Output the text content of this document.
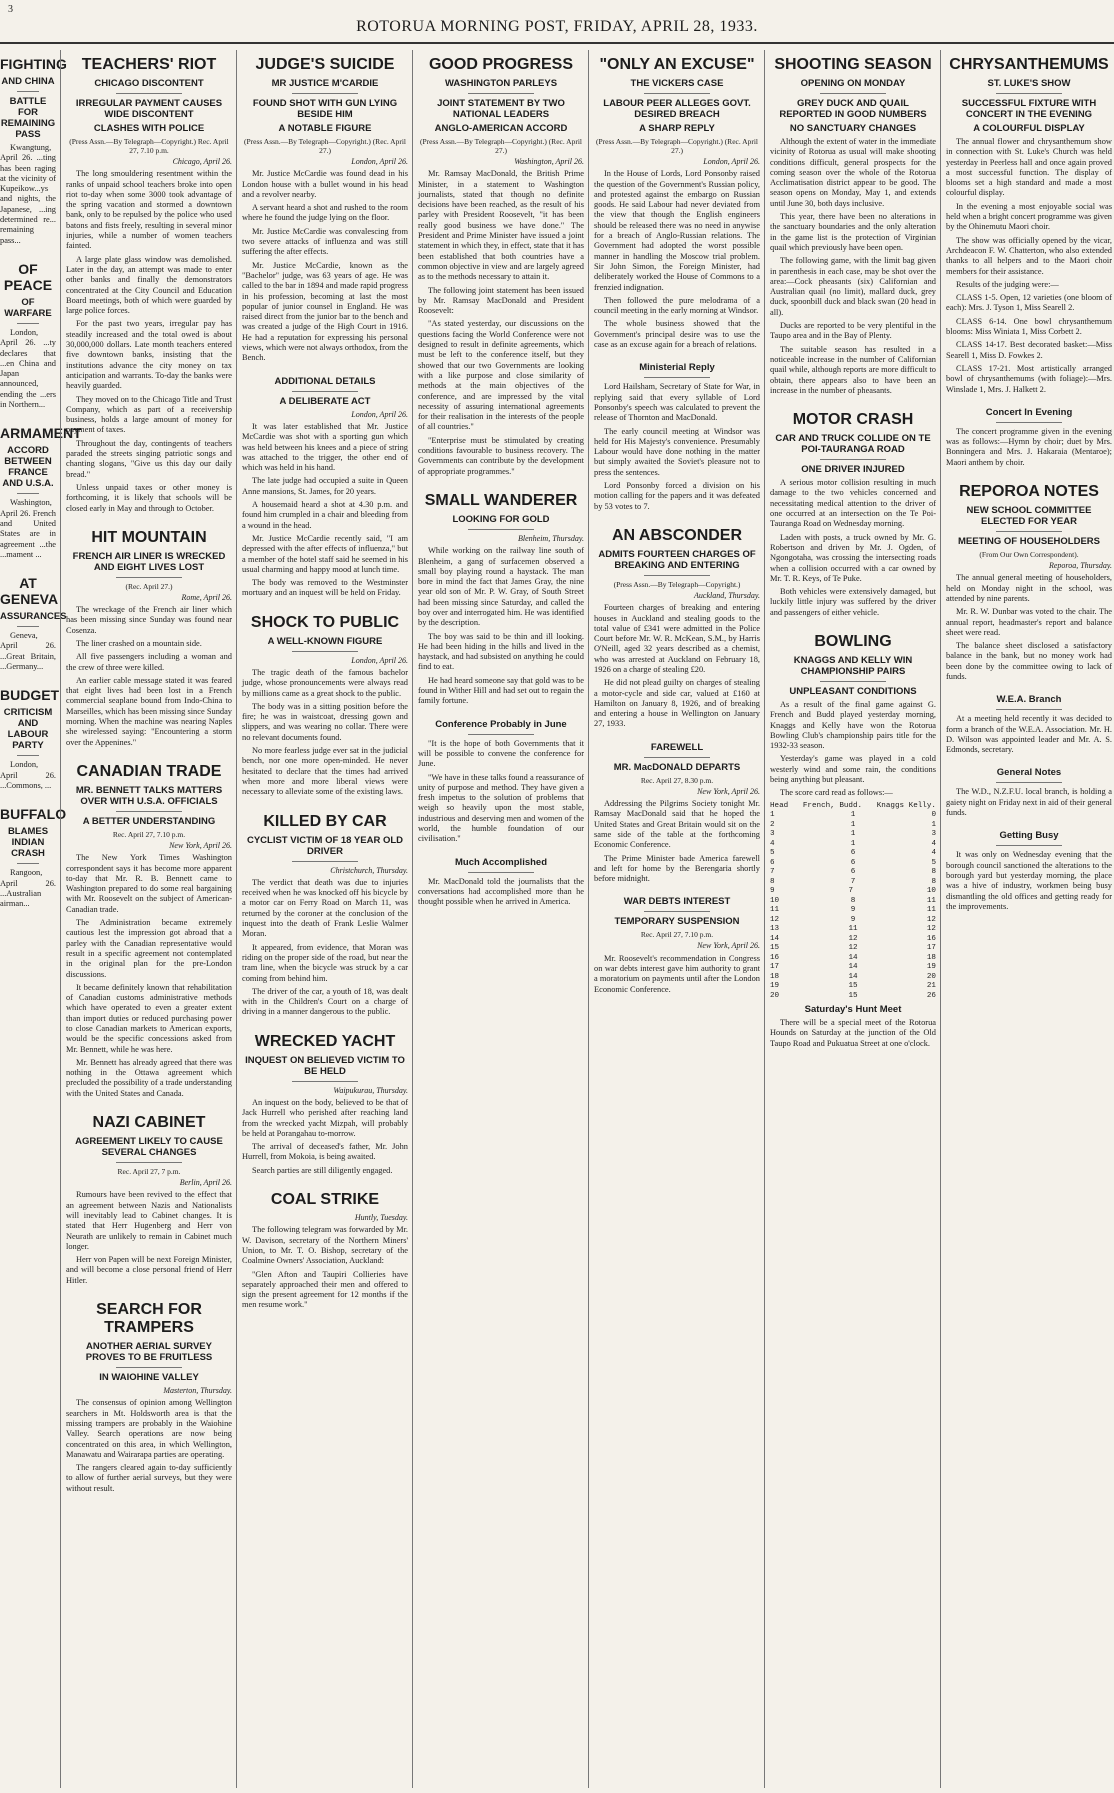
3
ROTORUA MORNING POST, FRIDAY, APRIL 28, 1933.
FIGHTING
AND CHINA
BATTLE FOR REMAINING PASS

Kwangtung, April 26. ...ting has been raging at the vicinity of Kupeikow...ys and nights, the Japanese, ...ing determined re... remaining pass...

OF PEACE
OF WARFARE

London, April 26. ...ty declares that ...en China and Japan announced, ending the ...ers in Northern...

ARMAMENT
ACCORD BETWEEN FRANCE AND U.S.A.

Washington, April 26. French and United States are in agreement ...the ...mament ...

AT GENEVA
ASSURANCES

Geneva, April 26. ...Great Britain, ...Germany...

BUDGET
CRITICISM AND LABOUR PARTY

London, April 26. ...Commons, ...

BUFFALO
BLAMES INDIAN CRASH

Rangoon, April 26. ...Australian airman...

TEACHERS' RIOT
CHICAGO DISCONTENT
IRREGULAR PAYMENT CAUSES WIDE DISCONTENT
CLASHES WITH POLICE
(Press Assn.—By Telegraph—Copyright.) Rec. April 27, 7.10 p.m.
Chicago, April 26.

The long smouldering resentment within the ranks of unpaid school teachers broke into open riot to-day when some 3000 took advantage of the spring vacation and stormed a downtown bank, only to be repulsed by the police who used batons and fists freely, resulting in several minor injuries, while a number of women teachers fainted.

A large plate glass window was demolished. Later in the day, an attempt was made to enter other banks and finally the demonstrators concentrated at the City Council and Education Board meetings, both of which were guarded by large police forces.

For the past two years, irregular pay has steadily increased and the total owed is about 30,000,000 dollars. Late month teachers entered five downtown banks, insisting that the institutions advance the city money on tax anticipation and warrants. To-day the banks were heavily guarded.

They moved on to the Chicago Title and Trust Company, which as part of a receivership business, holds a large amount of money for payment of taxes.

Throughout the day, contingents of teachers paraded the streets singing patriotic songs and chanting slogans, "Give us this day our daily bread."

Unless unpaid taxes or other money is forthcoming, it is likely that schools will be closed early in May and through to October.

HIT MOUNTAIN
FRENCH AIR LINER IS WRECKED AND EIGHT LIVES LOST
(Rec. April 27.)
Rome, April 26.

The wreckage of the French air liner which has been missing since Sunday was found near Cosenza.

The liner crashed on a mountain side.

All five passengers including a woman and the crew of three were killed.

An earlier cable message stated it was feared that eight lives had been lost in a French commercial seaplane bound from Indo-China to Marseilles, which has been missing since Sunday morning. When the machine was nearing Naples she wirelessed saying: "Encountering a storm over the Appenines."

CANADIAN TRADE
MR. BENNETT TALKS MATTERS OVER WITH U.S.A. OFFICIALS
A BETTER UNDERSTANDING
Rec. April 27, 7.10 p.m.
New York, April 26.

The New York Times Washington correspondent says it has become more apparent to-day that Mr. R. B. Bennett came to Washington prepared to do some real bargaining with Mr. Roosevelt on the subject of American-Canadian trade.

The Administration became extremely cautious lest the impression got abroad that a parley with the Canadian representative would result in a specific agreement not contemplated in the original plan for the pre-London discussions.

It became definitely known that rehabilitation of Canadian customs administrative methods which have operated to even a greater extent than import duties or reduced purchasing power to close Canadian markets to American exports, would be the specific concessions asked from Mr. Bennett, while he was here.

Mr. Bennett has already agreed that there was nothing in the Ottawa agreement which precluded the possibility of a trade understanding with the United States and Canada.

NAZI CABINET
AGREEMENT LIKELY TO CAUSE SEVERAL CHANGES
Rec. April 27, 7 p.m.
Berlin, April 26.

Rumours have been revived to the effect that an agreement between Nazis and Nationalists will inevitably lead to Cabinet changes. It is stated that Herr Hugenberg and Herr von Neurath are unlikely to remain in Cabinet much longer.

Herr von Papen will be next Foreign Minister, and will become a close personal friend of Herr Hitler.

SEARCH FOR TRAMPERS
ANOTHER AERIAL SURVEY PROVES TO BE FRUITLESS
IN WAIOHINE VALLEY
Masterton, Thursday.

The consensus of opinion among Wellington searchers in Mt. Holdsworth area is that the missing trampers are probably in the Waiohine Valley. Search operations are now being concentrated on this area, in which Wellington, Manawatu and Wairarapa parties are operating.

The rangers cleared again to-day sufficiently to allow of further aerial surveys, but they were without result.

JUDGE'S SUICIDE
MR JUSTICE M'CARDIE
FOUND SHOT WITH GUN LYING BESIDE HIM
A NOTABLE FIGURE
(Press Assn.—By Telegraph—Copyright.) (Rec. April 27.)
London, April 26.

Mr. Justice McCardie was found dead in his London house with a bullet wound in his head and a revolver nearby.

A servant heard a shot and rushed to the room where he found the judge lying on the floor.

Mr. Justice McCardie was convalescing from two severe attacks of influenza and was still suffering the after effects.

Mr. Justice McCardie, known as the "Bachelor" judge, was 63 years of age. He was called to the bar in 1894 and made rapid progress in his profession, becoming at last the most popular of junior counsel in England. He was raised direct from the junior bar to the bench and was created a judge of the High Court in 1916. He had a reputation for expressing his personal views, which were not always orthodox, from the Bench.

ADDITIONAL DETAILS
A DELIBERATE ACT
London, April 26.

It was later established that Mr. Justice McCardie was shot with a sporting gun which was held between his knees and a piece of string was attached to the trigger, the other end of which was held in his hand.

The late judge had occupied a suite in Queen Anne mansions, St. James, for 20 years.

A housemaid heard a shot at 4.30 p.m. and found him crumpled in a chair and bleeding from a wound in the head.

Mr. Justice McCardie recently said, "I am depressed with the after effects of influenza," but a member of the hotel staff said he seemed in his usual charming and happy mood at lunch time.

The body was removed to the Westminster mortuary and an inquest will be held on Friday.

SHOCK TO PUBLIC
A WELL-KNOWN FIGURE
London, April 26.

The tragic death of the famous bachelor judge, whose pronouncements were always read by millions came as a great shock to the public.

The body was in a sitting position before the fire; he was in waistcoat, dressing gown and slippers, and was wearing no collar. There were no relevant documents found.

No more fearless judge ever sat in the judicial bench, nor one more open-minded. He never hesitated to declare that the times had arrived when more and more liberal views were necessary to alleviate some of the existing laws.

KILLED BY CAR
CYCLIST VICTIM OF 18 YEAR OLD DRIVER
Christchurch, Thursday.

The verdict that death was due to injuries received when he was knocked off his bicycle by a motor car on Ferry Road on March 11, was returned by the coroner at the conclusion of the inquest into the death of Frank Leslie Walmer Moran.

It appeared, from evidence, that Moran was riding on the proper side of the road, but near the tram line, when the bicycle was struck by a car coming from behind him.

The driver of the car, a youth of 18, was dealt with in the Children's Court on a charge of driving in a manner dangerous to the public.

WRECKED YACHT
INQUEST ON BELIEVED VICTIM TO BE HELD
Waipukurau, Thursday.

An inquest on the body, believed to be that of Jack Hurrell who perished after reaching land from the wrecked yacht Mizpah, will probably be held at Porangahau to-morrow.

The arrival of deceased's father, Mr. John Hurrell, from Mokoia, is being awaited.

Search parties are still diligently engaged.

COAL STRIKE
Huntly, Tuesday.

The following telegram was forwarded by Mr. W. Davison, secretary of the Northern Miners' Union, to Mr. T. O. Bishop, secretary of the Coalmine Owners' Association, Auckland:

"Glen Afton and Taupiri Collieries have separately approached their men and offered to sign the present agreement for 12 months if the men resume work."

GOOD PROGRESS
WASHINGTON PARLEYS
JOINT STATEMENT BY TWO NATIONAL LEADERS
ANGLO-AMERICAN ACCORD
(Press Assn.—By Telegraph—Copyright.) (Rec. April 27.)
Washington, April 26.

Mr. Ramsay MacDonald, the British Prime Minister, in a statement to Washington journalists, stated that though no definite decisions have been reached, as the result of his parley with President Roosevelt, "it has been really good business we have done." The President and Prime Minister have issued a joint statement in which they, in effect, state that it has been established that both countries have a common objective in view and are largely agreed as to the methods necessary to attain it.

The following joint statement has been issued by Mr. Ramsay MacDonald and President Roosevelt:

"As stated yesterday, our discussions on the questions facing the World Conference were not designed to result in definite agreements, which must be left to the conference itself, but they showed that our two Governments are looking with a like purpose and close similarity of methods at the main objectives of the conference, and are impressed by the vital necessity of assuring international agreements for their realisation in the interests of the people of all countries."

"Enterprise must be stimulated by creating conditions favourable to business recovery. The Governments can contribute by the development of appropriate programmes."

SMALL WANDERER
LOOKING FOR GOLD
Blenheim, Thursday.

While working on the railway line south of Blenheim, a gang of surfacemen observed a small boy playing round a haystack. The man bore in mind the fact that James Gray, the nine year old son of Mr. P. W. Gray, of South Street had been missing since Saturday, and called the boy over and interrogated him. He was identified by the description.

The boy was said to be thin and ill looking. He had been hiding in the hills and lived in the haystack, and had subsisted on anything he could find to eat.

He had heard someone say that gold was to be found in Wither Hill and had set out to regain the family fortune.

Conference Probably in June

"It is the hope of both Governments that it will be possible to convene the conference for June.

"We have in these talks found a reassurance of unity of purpose and method. They have given a fresh impetus to the solution of problems that weigh so heavily upon the most stable, industrious and deserving men and women of the world, the humble foundation of our civilisation."

Much Accomplished

Mr. MacDonald told the journalists that the conversations had accomplished more than he thought possible when he arrived in America.

"ONLY AN EXCUSE"
THE VICKERS CASE
LABOUR PEER ALLEGES GOVT. DESIRED BREACH
A SHARP REPLY
(Press Assn.—By Telegraph—Copyright.) (Rec. April 27.)
London, April 26.

In the House of Lords, Lord Ponsonby raised the question of the Government's Russian policy, and protested against the embargo on Russian goods. He said Labour had never deviated from the view that though the English engineers should be released there was no need in anywise for a breach of Anglo-Russian relations. The Government had adopted the worst possible manner in handling the Moscow trial problem. Sir John Simon, the Foreign Minister, had deliberately worked the House of Commons to a frenzied indignation.

Then followed the pure melodrama of a council meeting in the early morning at Windsor.

The whole business showed that the Government's principal desire was to use the case as an excuse again for a breach of relations.

Ministerial Reply

Lord Hailsham, Secretary of State for War, in replying said that every syllable of Lord Ponsonby's speech was calculated to prevent the release of Thornton and MacDonald.

The early council meeting at Windsor was held for His Majesty's convenience. Presumably Labour would have done nothing in the matter but simply awaited the Soviet's pleasure not to press the sentences.

Lord Ponsonby forced a division on his motion calling for the papers and it was defeated by 53 votes to 7.

AN ABSCONDER
ADMITS FOURTEEN CHARGES OF BREAKING AND ENTERING
(Press Assn.—By Telegraph—Copyright.)
Auckland, Thursday.

Fourteen charges of breaking and entering houses in Auckland and stealing goods to the total value of £341 were admitted in the Police Court before Mr. W. R. McKean, S.M., by Harris O'Neill, aged 32 years described as a chemist, who was arrested at Auckland on February 18, 1926 on a charge of stealing £20.

He did not plead guilty on charges of stealing a motor-cycle and side car, valued at £160 at Hamilton on January 8, 1926, and of breaking and entering a house in Wellington on January 27, 1933.

FAREWELL
MR. MacDONALD DEPARTS
Rec. April 27, 8.30 p.m.
New York, April 26.

Addressing the Pilgrims Society tonight Mr. Ramsay MacDonald said that he hoped the United States and Great Britain would sit on the same side of the table at the forthcoming Economic Conference.

The Prime Minister bade America farewell and left for home by the Berengaria shortly before midnight.

WAR DEBTS INTEREST
TEMPORARY SUSPENSION
Rec. April 27, 7.10 p.m.
New York, April 26.

Mr. Roosevelt's recommendation in Congress on war debts interest gave him authority to grant a moratorium on payments until after the London Economic Conference.

SHOOTING SEASON
OPENING ON MONDAY
GREY DUCK AND QUAIL REPORTED IN GOOD NUMBERS
NO SANCTUARY CHANGES

Although the extent of water in the immediate vicinity of Rotorua as usual will make shooting conditions difficult, general prospects for the coming season over the whole of the Rotorua Acclimatisation district appear to be good. The season opens on Monday, May 1, and extends until June 30, both days inclusive.

This year, there have been no alterations in the sanctuary boundaries and the only alteration in the game list is the protection of Virginian quail which previously have been open.

The following game, with the limit bag given in parenthesis in each case, may be shot over the area:—Cock pheasants (six) Californian and Australian quail (no limit), mallard duck, grey duck, spoonbill duck and black swan (20 head in all).

Ducks are reported to be very plentiful in the Taupo area and in the Bay of Plenty.

The suitable season has resulted in a noticeable increase in the number of Californian quail while, although reports are more difficult to obtain, there appears also to have been an increase in the number of pheasants.

MOTOR CRASH
CAR AND TRUCK COLLIDE ON TE POI-TAURANGA ROAD
ONE DRIVER INJURED

A serious motor collision resulting in much damage to the two vehicles concerned and necessitating medical attention to the driver of one occurred at an intersection on the Te Poi-Tauranga Road on Wednesday morning.

Laden with posts, a truck owned by Mr. G. Robertson and driven by Mr. J. Ogden, of Ngongotaha, was crossing the intersecting roads when a collision occurred with a car owned by Mr. T. R. Keys, of Te Puke.

Both vehicles were extensively damaged, but luckily little injury was suffered by the driver and passengers of either vehicle.

BOWLING
KNAGGS AND KELLY WIN CHAMPIONSHIP PAIRS
UNPLEASANT CONDITIONS

As a result of the final game against G. French and Budd played yesterday morning, Knaggs and Kelly have won the Rotorua Bowling Club's championship pairs title for the 1932-33 season.

Yesterday's game was played in a cold westerly wind and some rain, the conditions being anything but pleasant.

The score card read as follows:—

Head French, Budd. Knaggs Kelly.
1	1	0
2	1	1
3	1	3
4	1	4
5	6	4
6	6	5
7	6	8
8	7	8
9	7	10
10	8	11
11	9	11
12	9	12
13	11	12
14	12	16
15	12	17
16	14	18
17	14	19
18	14	20
19	15	21
20	15	26
Saturday's Hunt Meet

There will be a special meet of the Rotorua Hounds on Saturday at the junction of the Old Taupo Road and Pukuatua Street at one o'clock.

CHRYSANTHEMUMS
ST. LUKE'S SHOW
SUCCESSFUL FIXTURE WITH CONCERT IN THE EVENING
A COLOURFUL DISPLAY

The annual flower and chrysanthemum show in connection with St. Luke's Church was held yesterday in Peerless hall and once again proved a most successful function. The display of blooms set a high standard and made a most colourful display.

In the evening a most enjoyable social was held when a bright concert programme was given by the Ohinemutu Maori choir.

The show was officially opened by the vicar, Archdeacon F. W. Chatterton, who also extended thanks to all helpers and to the Maori choir members for their assistance.

Results of the judging were:—

CLASS 1-5. Open, 12 varieties (one bloom of each): Mrs. J. Tyson 1, Miss Searell 2.

CLASS 6-14. One bowl chrysanthemum blooms: Miss Winiata 1, Miss Corbett 2.

CLASS 14-17. Best decorated basket:—Miss Searell 1, Miss D. Fowkes 2.

CLASS 17-21. Most artistically arranged bowl of chrysanthemums (with foliage):—Mrs. Winslade 1, Mrs. J. Halkett 2.

Concert In Evening

The concert programme given in the evening was as follows:—Hymn by choir; duet by Mrs. Bonningera and Mrs. J. Hakaraia (Mentaroe); Maori anthem by choir.

REPOROA NOTES
NEW SCHOOL COMMITTEE ELECTED FOR YEAR
MEETING OF HOUSEHOLDERS
(From Our Own Correspondent).
Reporoa, Thursday.

The annual general meeting of householders, held on Monday night in the school, was attended by nine parents.

Mr. R. W. Dunbar was voted to the chair. The annual report, headmaster's report and balance sheet were read.

The balance sheet disclosed a satisfactory balance in the bank, but no money work had been done by the committee owing to lack of funds.

W.E.A. Branch

At a meeting held recently it was decided to form a branch of the W.E.A. Association. Mr. H. D. Wilson was appointed leader and Mr. A. S. Edmonds, secretary.

General Notes

The W.D., N.Z.F.U. local branch, is holding a gaiety night on Friday next in aid of their general funds.

Getting Busy

It was only on Wednesday evening that the borough council sanctioned the alterations to the borough yard but yesterday morning, the place was a hive of industry, workmen being busy dismantling the old offices and getting ready for the improvements.
